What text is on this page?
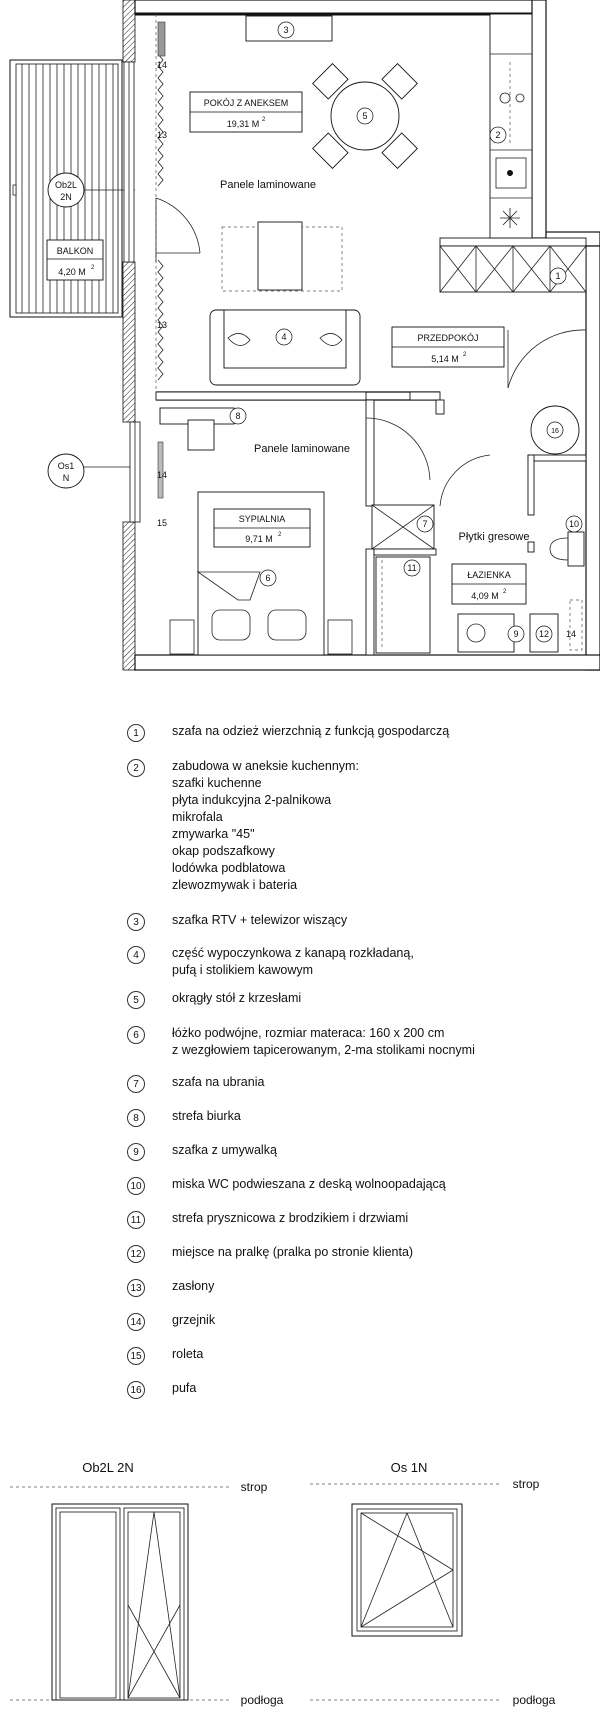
BALKON
4,20 M 2
Ob2L
2N
Os1
N
POKÓJ Z ANEKSEM
19,31 M 2
PRZEDPOKÓJ
5,14 M 2
SYPIALNIA
9,71 M 2
ŁAZIENKA
4,09 M 2
Panele laminowane
Panele laminowane
Płytki gresowe
1
2
3
4
5
6
7
8
9
10
11
12
13
13
14
14
14
15
16
1	szafa na odzież wierzchnią z funkcją gospodarczą
2	zabudowa w aneksie kuchennym:
szafki kuchenne
płyta indukcyjna 2-palnikowa
mikrofala
zmywarka "45"
okap podszafkowy
lodówka podblatowa
zlewozmywak i bateria
3	szafka RTV + telewizor wiszący
4	część wypoczynkowa z kanapą rozkładaną,
pufą i stolikiem kawowym
5	okrągły stół z krzesłami
6	łóżko podwójne, rozmiar materaca: 160 x 200 cm
z wezgłowiem tapicerowanym, 2-ma stolikami nocnymi
7	szafa na ubrania
8	strefa biurka
9	szafka z umywalką
10 miska WC podwieszana z deską wolnoopadającą
11	strefa prysznicowa z brodzikiem i drzwiami
12 miejsce na pralkę (pralka po stronie klienta)
13 zasłony
14 grzejnik
15 roleta
16 pufa
Ob2L 2N
strop
podłoga
Os 1N
strop
podłoga
